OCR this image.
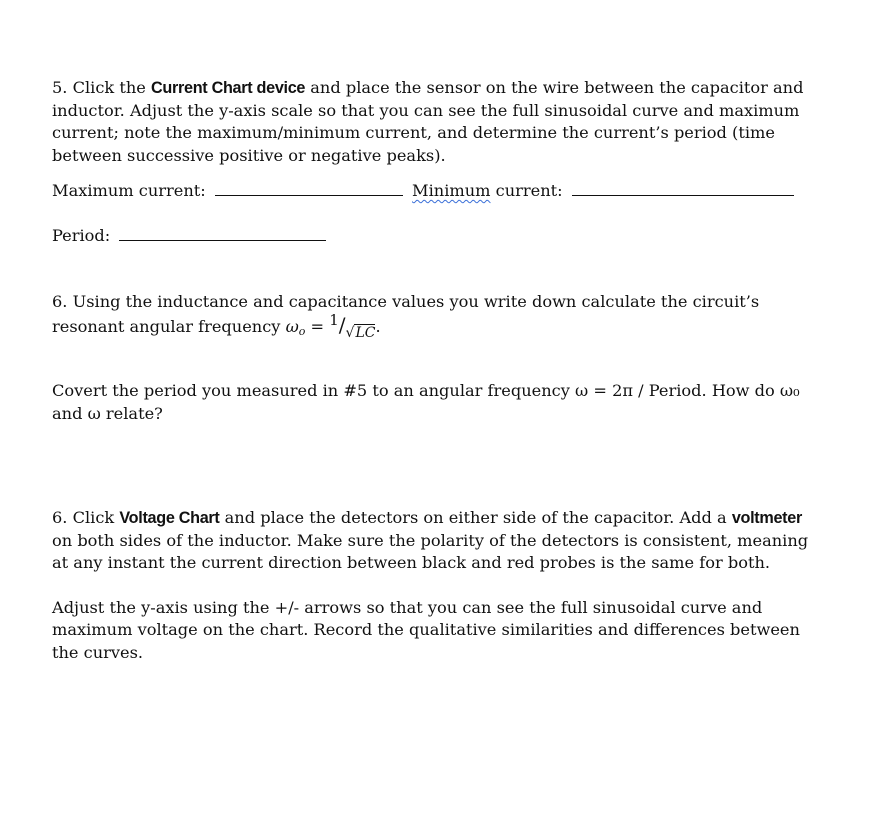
5. Click the Current Chart device and place the sensor on the wire between the capacitor and inductor. Adjust the y-axis scale so that you can see the full sinusoidal curve and maximum current; note the maximum/minimum current, and determine the current’s period (time between successive positive or negative peaks).

Maximum current:	Minimum current:
Period:

6. Using the inductance and capacitance values you write down calculate the circuit’s
resonant angular frequency ωo = 1/√LC.

Covert the period you measured in #5 to an angular frequency ω = 2π / Period. How do ω₀ and ω relate?

6. Click Voltage Chart and place the detectors on either side of the capacitor. Add a voltmeter on both sides of the inductor. Make sure the polarity of the detectors is consistent, meaning at any instant the current direction between black and red probes is the same for both.

Adjust the y-axis using the +/- arrows so that you can see the full sinusoidal curve and maximum voltage on the chart. Record the qualitative similarities and differences between the curves.
